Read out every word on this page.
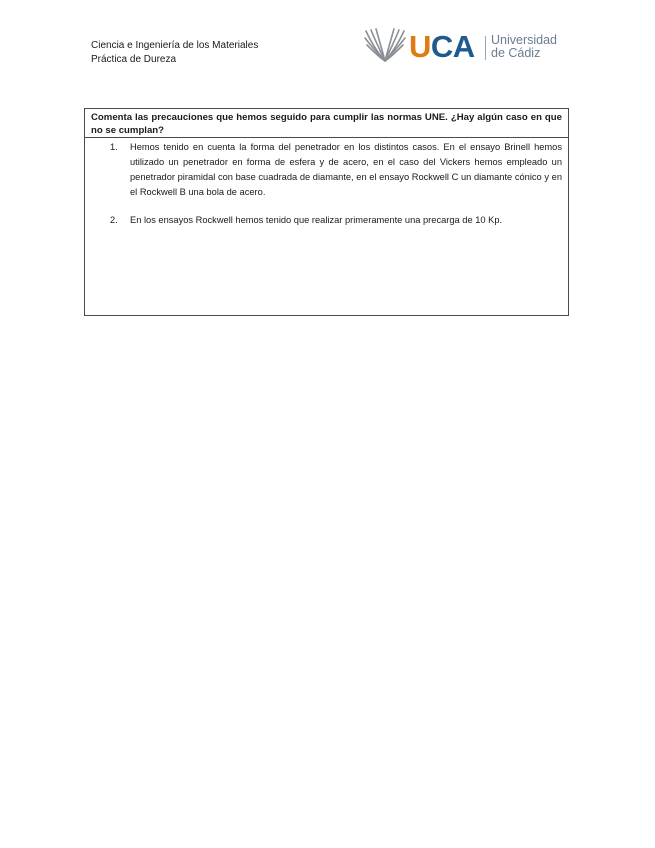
Ciencia e Ingeniería de los Materiales
Práctica de Dureza	UCA Universidad
de Cádiz
Comenta las precauciones que hemos seguido para cumplir las normas UNE. ¿Hay algún caso en que no se cumplan?
1. Hemos tenido en cuenta la forma del penetrador en los distintos casos. En el ensayo Brinell hemos utilizado un penetrador en forma de esfera y de acero, en el caso del Vickers hemos empleado un penetrador piramidal con base cuadrada de diamante, en el ensayo Rockwell C un diamante cónico y en el Rockwell B una bola de acero.
2. En los ensayos Rockwell hemos tenido que realizar primeramente una precarga de 10 Kp.
